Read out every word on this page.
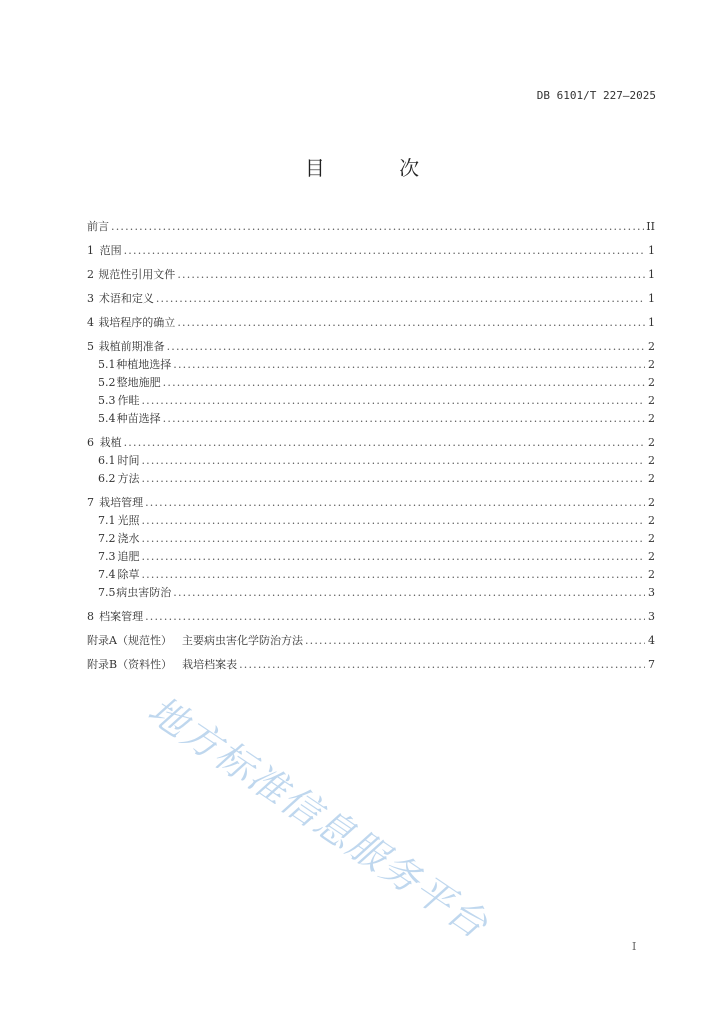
DB 6101/T 227—2025
目 次
前言 .....	II
1 范围 .....	1
2 规范性引用文件 .....	1
3 术语和定义 .....	1
4 栽培程序的确立 .....	1
5 栽植前期准备 .....	2
5.1 种植地选择 .....	2
5.2 整地施肥 .....	2
5.3 作畦 .....	2
5.4 种苗选择 .....	2
6 栽植 .....	2
6.1 时间 .....	2
6.2 方法 .....	2
7 栽培管理 .....	2
7.1 光照 .....	2
7.2 浇水 .....	2
7.3 追肥 .....	2
7.4 除草 .....	2
7.5 病虫害防治 .....	3
8 档案管理 .....	3
附录A（规范性） 主要病虫害化学防治方法 .....	4
附录B（资料性） 栽培档案表 .....	7
地方标准信息服务平台	I
